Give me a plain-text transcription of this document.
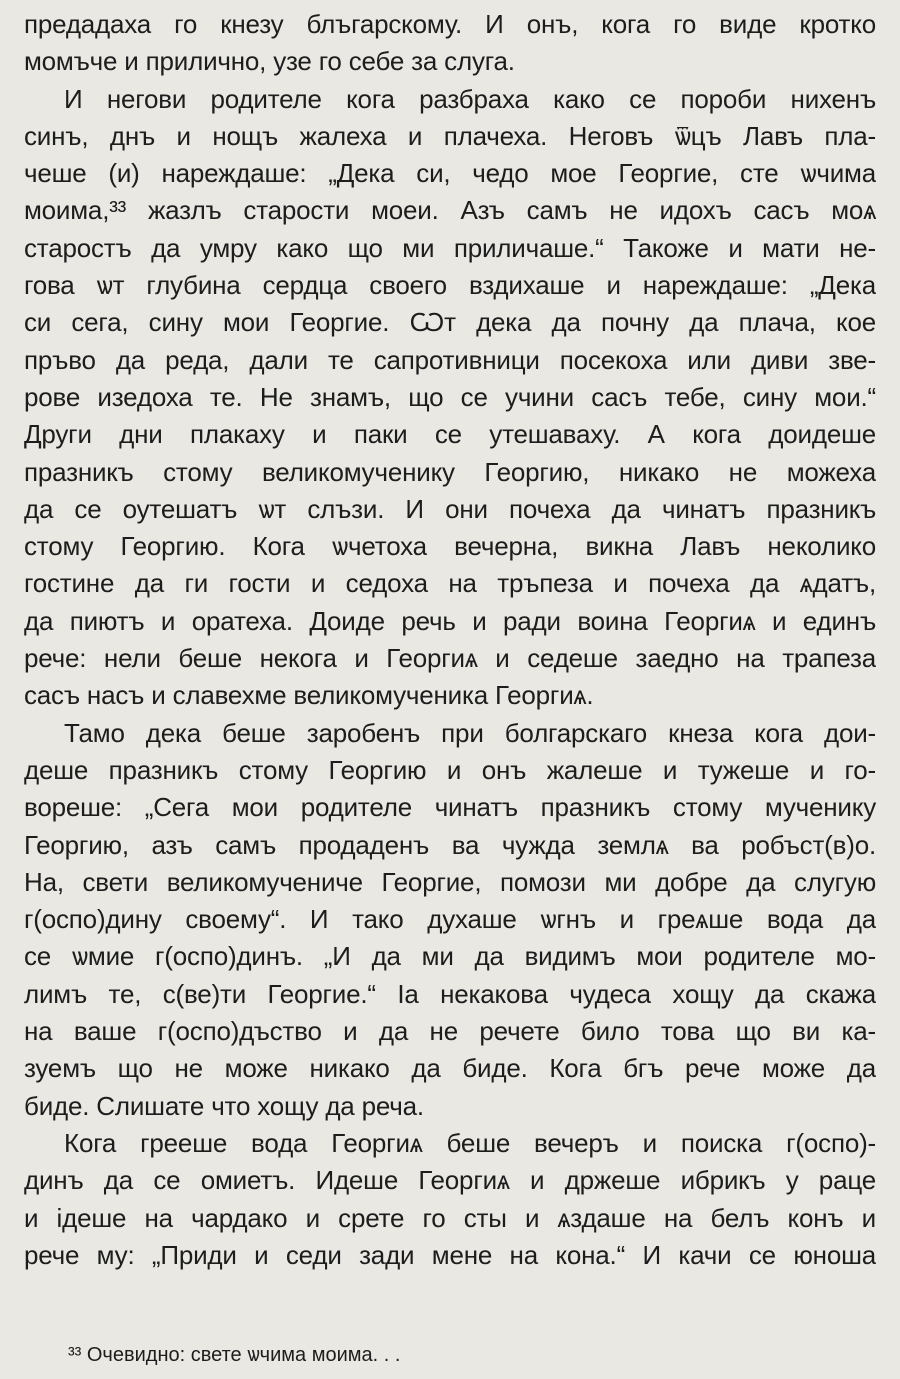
предадаха го кнезу блъгарскому. И онъ, кога го виде кротко
момъче и прилично, узе го себе за слуга.
И негови родителе кога разбраха како се пороби нихенъ
синъ, днъ и нощъ жалеха и плачеха. Неговъ ѿцъ Лавъ пла-
чеше (и) нареждаше: „Дека си, чедо мое Георгие, сте ѡчима
моима,³³ жазлъ старости моеи. Азъ самъ не идохъ сасъ моѧ
старостъ да умру како що ми приличаше.“ Такоже и мати не-
гова ѡт глубина сердца своего вздихаше и нареждаше: „Дека
си сега, сину мои Георгие. Ѡт дека да почну да плача, кое
пръво да реда, дали те сапротивници посекоха или диви зве-
рове изедоха те. Не знамъ, що се учини сасъ тебе, сину мои.“
Други дни плакаху и паки се утешаваху. А кога доидеше
празникъ стому великомученику Георгию, никако не можеха
да се оутешатъ ѡт слъзи. И они почеха да чинатъ празникъ
стому Георгию. Кога ѡчетоха вечерна, викна Лавъ неколико
гостине да ги гости и седоха на тръпеза и почеха да ѧдатъ,
да пиютъ и оратеха. Доиде речь и ради воина Георгиѧ и единъ
рече: нели беше некога и Георгиѧ и седеше заедно на трапеза
сасъ насъ и славехме великомученика Георгиѧ.
Тамо дека беше заробенъ при болгарскаго кнеза кога дои-
деше празникъ стому Георгию и онъ жалеше и тужеше и го-
вореше: „Сега мои родителе чинатъ празникъ стому мученику
Георгию, азъ самъ продаденъ ва чужда землѧ ва робъст(в)о.
На, свети великомучениче Георгие, помози ми добре да слугую
г(оспо)дину своему“. И тако духаше ѡгнъ и греѧше вода да
се ѡмие г(оспо)динъ. „И да ми да видимъ мои родителе мо-
лимъ те, с(ве)ти Георгие.“ Іа некакова чудеса хощу да скажа
на ваше г(оспо)дъство и да не речете било това що ви ка-
зуемъ що не може никако да биде. Кога бгъ рече може да
биде. Слишате что хощу да реча.
Кога грееше вода Георгиѧ беше вечеръ и поиска г(оспо)-
динъ да се омиетъ. Идеше Георгиѧ и држеше ибрикъ у раце
и ідеше на чардако и срете го сты и ѧздаше на белъ конъ и
рече му: „Приди и седи зади мене на кона.“ И качи се юноша
³³ Очевидно: свете ѡчима моима. . .
